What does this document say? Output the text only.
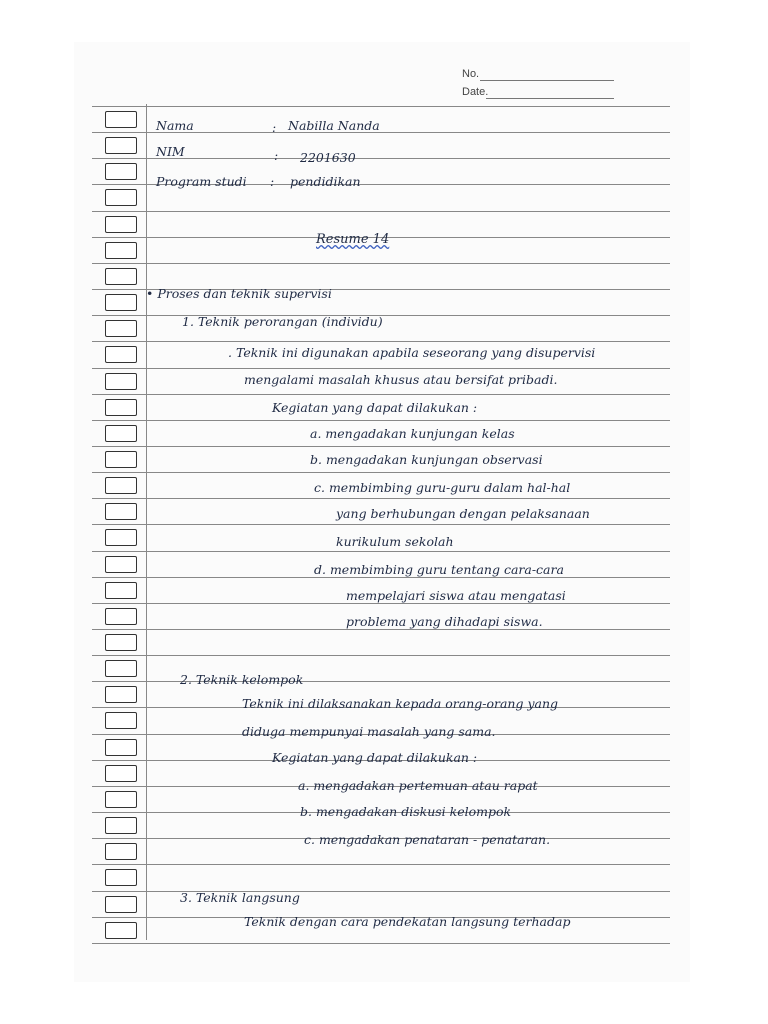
No.
Date.
Nama	: Nabilla Nanda
NIM	: 2201630
Program studi : pendidikan
Resume 14
• Proses dan teknik supervisi
1. Teknik perorangan (individu)
. Teknik ini digunakan apabila seseorang yang disupervisi
mengalami masalah khusus atau bersifat pribadi.
Kegiatan yang dapat dilakukan :
a. mengadakan kunjungan kelas
b. mengadakan kunjungan observasi
c. membimbing guru-guru dalam hal-hal
yang berhubungan dengan pelaksanaan
kurikulum sekolah
d. membimbing guru tentang cara-cara
mempelajari siswa atau mengatasi
problema yang dihadapi siswa.
2. Teknik kelompok
Teknik ini dilaksanakan kepada orang-orang yang
diduga mempunyai masalah yang sama.
Kegiatan yang dapat dilakukan :
a. mengadakan pertemuan atau rapat
b. mengadakan diskusi kelompok
c. mengadakan penataran - penataran.
3. Teknik langsung
Teknik dengan cara pendekatan langsung terhadap
